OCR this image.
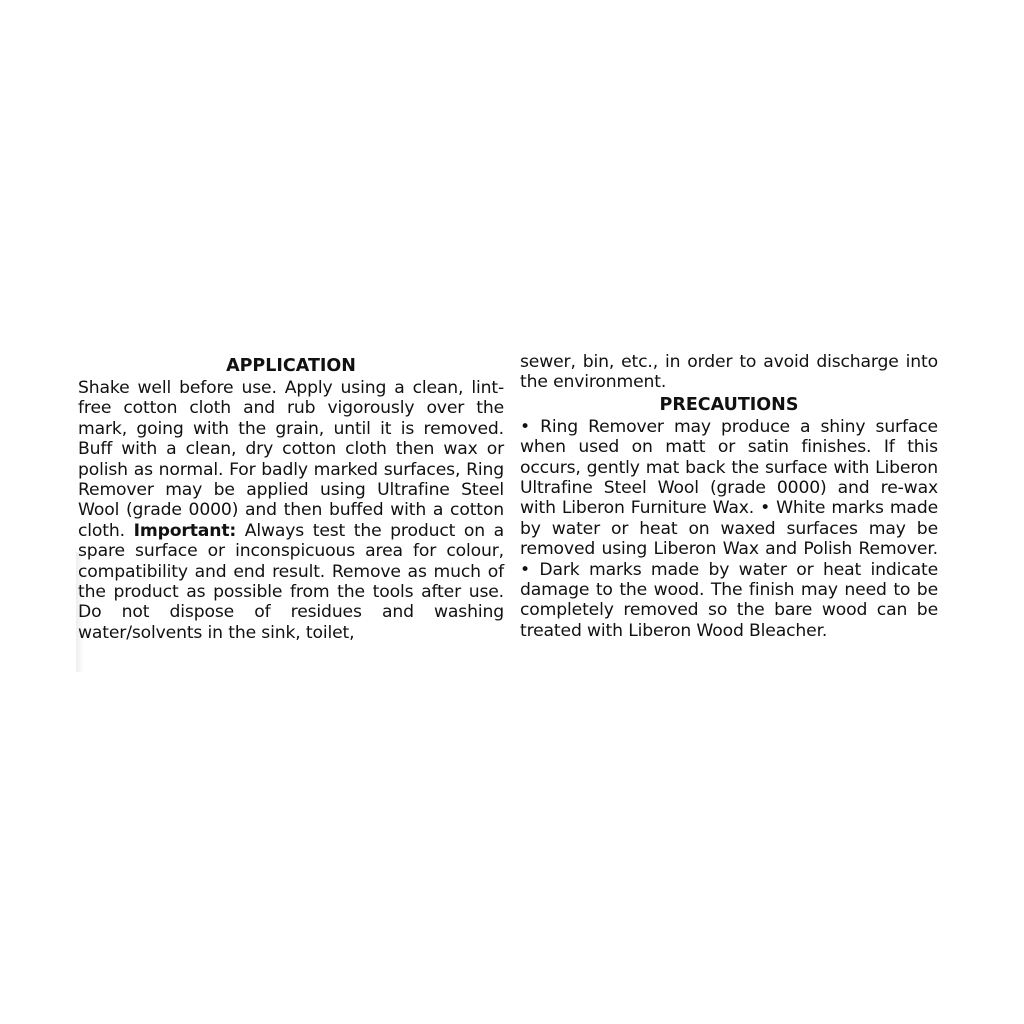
APPLICATION

Shake well before use. Apply using a clean, lint-free cotton cloth and rub vigorously over the mark, going with the grain, until it is removed. Buff with a clean, dry cotton cloth then wax or polish as normal. For badly marked surfaces, Ring Remover may be applied using Ultrafine Steel Wool (grade 0000) and then buffed with a cotton cloth. Important: Always test the product on a spare surface or inconspicuous area for colour, compatibility and end result. Remove as much of the product as possible from the tools after use. Do not dispose of residues and washing water/solvents in the sink, toilet,

sewer, bin, etc., in order to avoid discharge into the environment.

PRECAUTIONS

• Ring Remover may produce a shiny surface when used on matt or satin finishes. If this occurs, gently mat back the surface with Liberon Ultrafine Steel Wool (grade 0000) and re-wax with Liberon Furniture Wax. • White marks made by water or heat on waxed surfaces may be removed using Liberon Wax and Polish Remover. • Dark marks made by water or heat indicate damage to the wood. The finish may need to be completely removed so the bare wood can be treated with Liberon Wood Bleacher.
